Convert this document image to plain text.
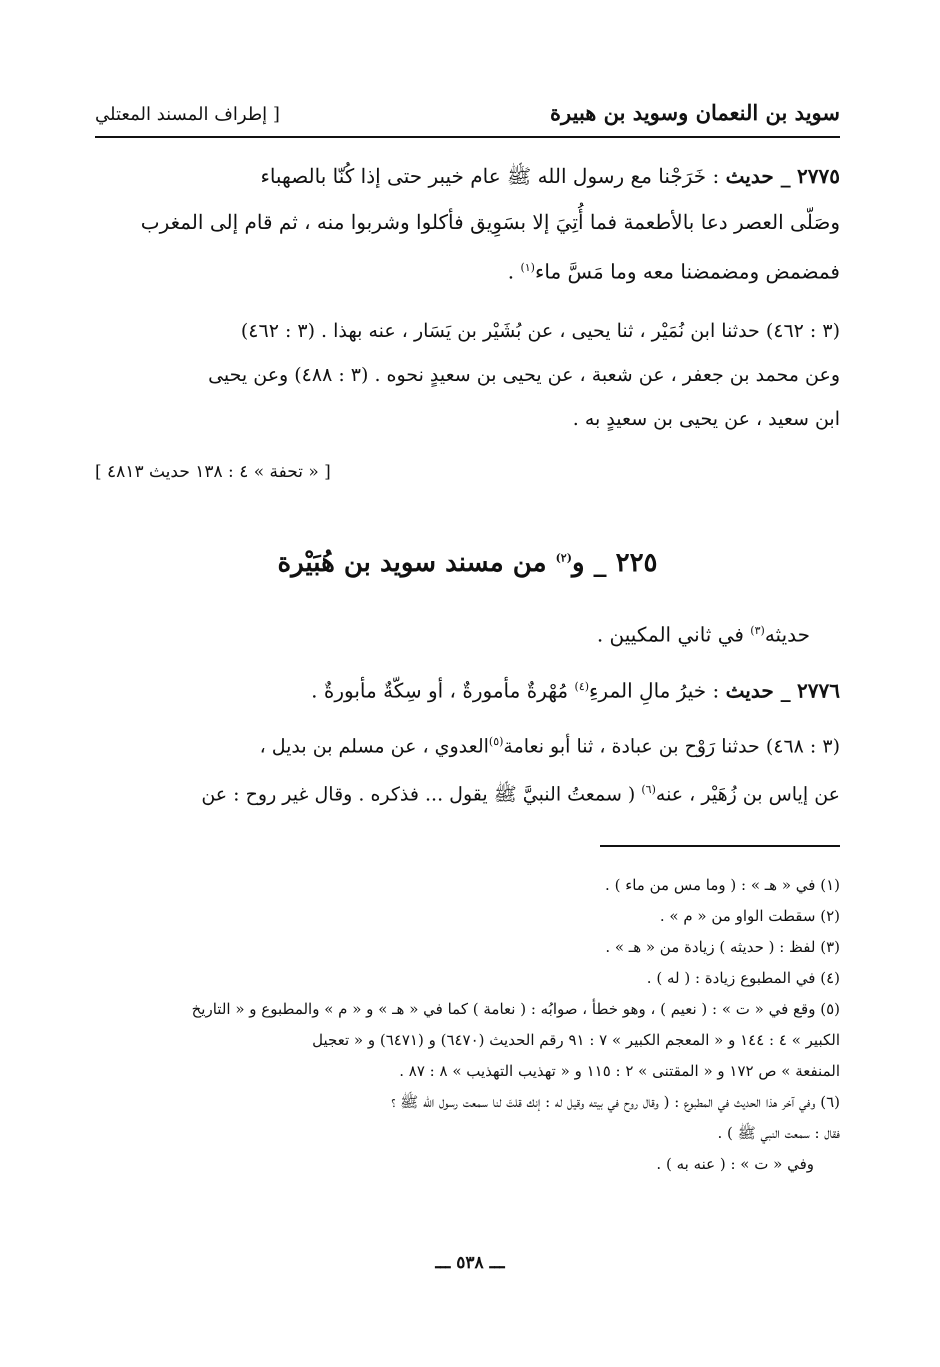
سويد بن النعمان وسويد بن هبيرة
[ إطراف المسند المعتلي
٢٧٧٥ _ حديث : خَرَجْنا مع رسول الله ﷺ عام خيبر حتى إذا كُنّا بالصهباء
وصَلّى العصر دعا بالأطعمة فما أُتِيَ إلا بسَوِيق فأكلوا وشربوا منه ، ثم قام إلى المغرب
فمضمض ومضمضنا معه وما مَسَّ ماء$^{(١)}$ .
(٣ : ٤٦٢) حدثنا ابن نُمَيْر ، ثنا يحيى ، عن بُشَيْر بن يَسَار ، عنه بهذا . (٣ : ٤٦٢)
وعن محمد بن جعفر ، عن شعبة ، عن يحيى بن سعيدٍ نحوه . (٣ : ٤٨٨) وعن يحيى
ابن سعيد ، عن يحيى بن سعيدٍ به .
[ « تحفة » ٤ : ١٣٨ حديث ٤٨١٣ ]
٢٢٥ _ و$^{(٢)}$ من مسند سويد بن هُبَيْرة
حديثه$^{(٣)}$ في ثاني المكيين .
٢٧٧٦ _ حديث : خيرُ مالِ المرءِ$^{(٤)}$ مُهْرةٌ مأمورةٌ ، أو سِكّةٌ مأبورةٌ .
(٣ : ٤٦٨) حدثنا رَوْح بن عبادة ، ثنا أبو نعامة$^{(٥)}$العدوي ، عن مسلم بن بديل ،
عن إياس بن زُهَيْر ، عنه$^{(٦)}$ ( سمعتُ النبيَّ ﷺ يقول ... فذكره . وقال غير روح : عن
(١) في « هـ » : ( وما مس من ماء ) .
(٢) سقطت الواو من « م » .
(٣) لفظ : ( حديثه ) زيادة من « هـ » .
(٤) في المطبوع زيادة : ( له ) .
(٥) وقع في « ت » : ( نعيم ) ، وهو خطأ ، صوابُه : ( نعامة ) كما في « هـ » و « م » والمطبوع و « التاريخ
الكبير » ٤ : ١٤٤ و « المعجم الكبير » ٧ : ٩١ رقم الحديث (٦٤٧٠) و (٦٤٧١) و « تعجيل
المنفعة » ص ١٧٢ و « المقتنى » ٢ : ١١٥ و « تهذيب التهذيب » ٨ : ٨٧ .
(٦) وفي آخر هذا الحديث في المطبوع : ( وقال روح في بيته وقيل له : إنك قلتَ لنا سمعت رسول الله ﷺ ؟
فقال : سمعت النبي ﷺ ) .
وفي « ت » : ( عنه به ) .
ـــ ٥٣٨ ـــ
